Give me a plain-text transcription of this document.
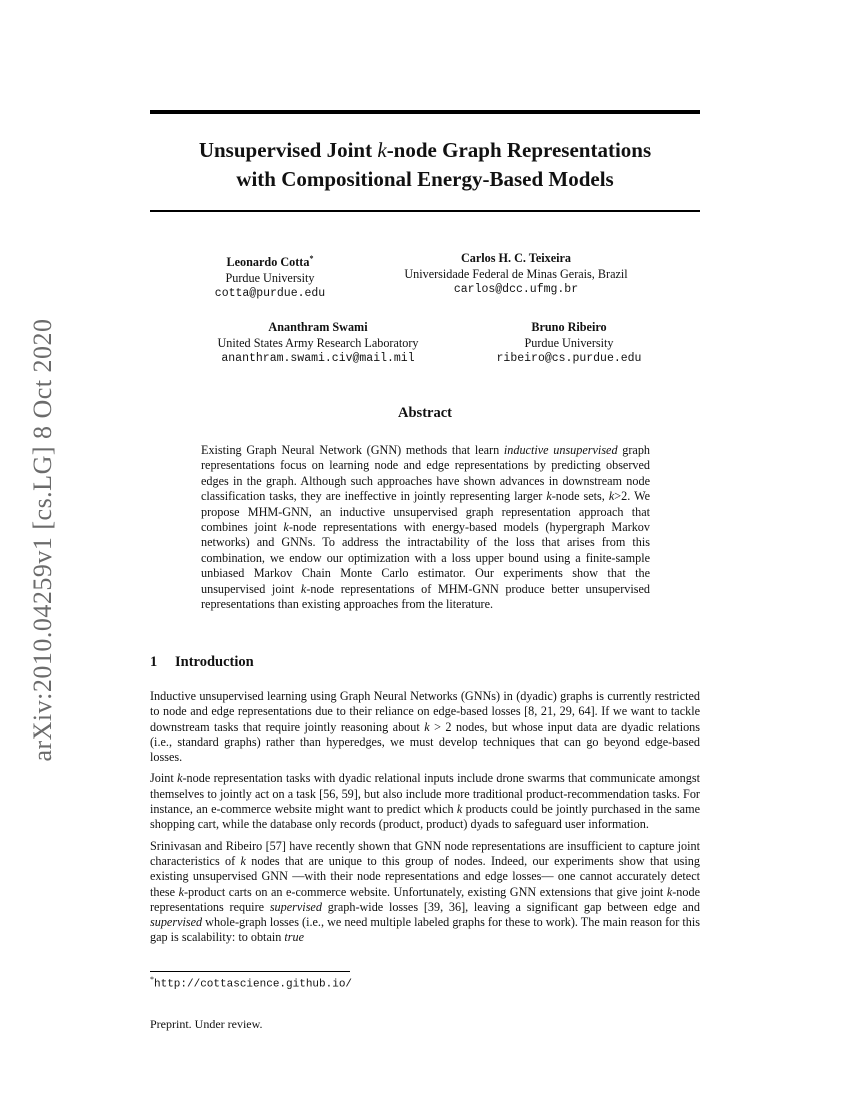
Unsupervised Joint k-node Graph Representations
with Compositional Energy-Based Models
arXiv:2010.04259v1 [cs.LG] 8 Oct 2020
Leonardo Cotta*
Purdue University
cotta@purdue.edu
Carlos H. C. Teixeira
Universidade Federal de Minas Gerais, Brazil
carlos@dcc.ufmg.br
Ananthram Swami
United States Army Research Laboratory
ananthram.swami.civ@mail.mil
Bruno Ribeiro
Purdue University
ribeiro@cs.purdue.edu
Abstract
Existing Graph Neural Network (GNN) methods that learn inductive unsupervised graph representations focus on learning node and edge representations by predicting observed edges in the graph. Although such approaches have shown advances in downstream node classification tasks, they are ineffective in jointly representing larger k-node sets, k>2. We propose MHM-GNN, an inductive unsupervised graph representation approach that combines joint k-node representations with energy-based models (hypergraph Markov networks) and GNNs. To address the intractability of the loss that arises from this combination, we endow our optimization with a loss upper bound using a finite-sample unbiased Markov Chain Monte Carlo estimator. Our experiments show that the unsupervised joint k-node representations of MHM-GNN produce better unsupervised representations than existing approaches from the literature.
1 Introduction

Inductive unsupervised learning using Graph Neural Networks (GNNs) in (dyadic) graphs is currently restricted to node and edge representations due to their reliance on edge-based losses [8, 21, 29, 64]. If we want to tackle downstream tasks that require jointly reasoning about k > 2 nodes, but whose input data are dyadic relations (i.e., standard graphs) rather than hyperedges, we must develop techniques that can go beyond edge-based losses.

Joint k-node representation tasks with dyadic relational inputs include drone swarms that communicate amongst themselves to jointly act on a task [56, 59], but also include more traditional product-recommendation tasks. For instance, an e-commerce website might want to predict which k products could be jointly purchased in the same shopping cart, while the database only records (product, product) dyads to safeguard user information.

Srinivasan and Ribeiro [57] have recently shown that GNN node representations are insufficient to capture joint characteristics of k nodes that are unique to this group of nodes. Indeed, our experiments show that using existing unsupervised GNN —with their node representations and edge losses— one cannot accurately detect these k-product carts on an e-commerce website. Unfortunately, existing GNN extensions that give joint k-node representations require supervised graph-wide losses [39, 36], leaving a significant gap between edge and supervised whole-graph losses (i.e., we need multiple labeled graphs for these to work). The main reason for this gap is scalability: to obtain true

*http://cottascience.github.io/
Preprint. Under review.
